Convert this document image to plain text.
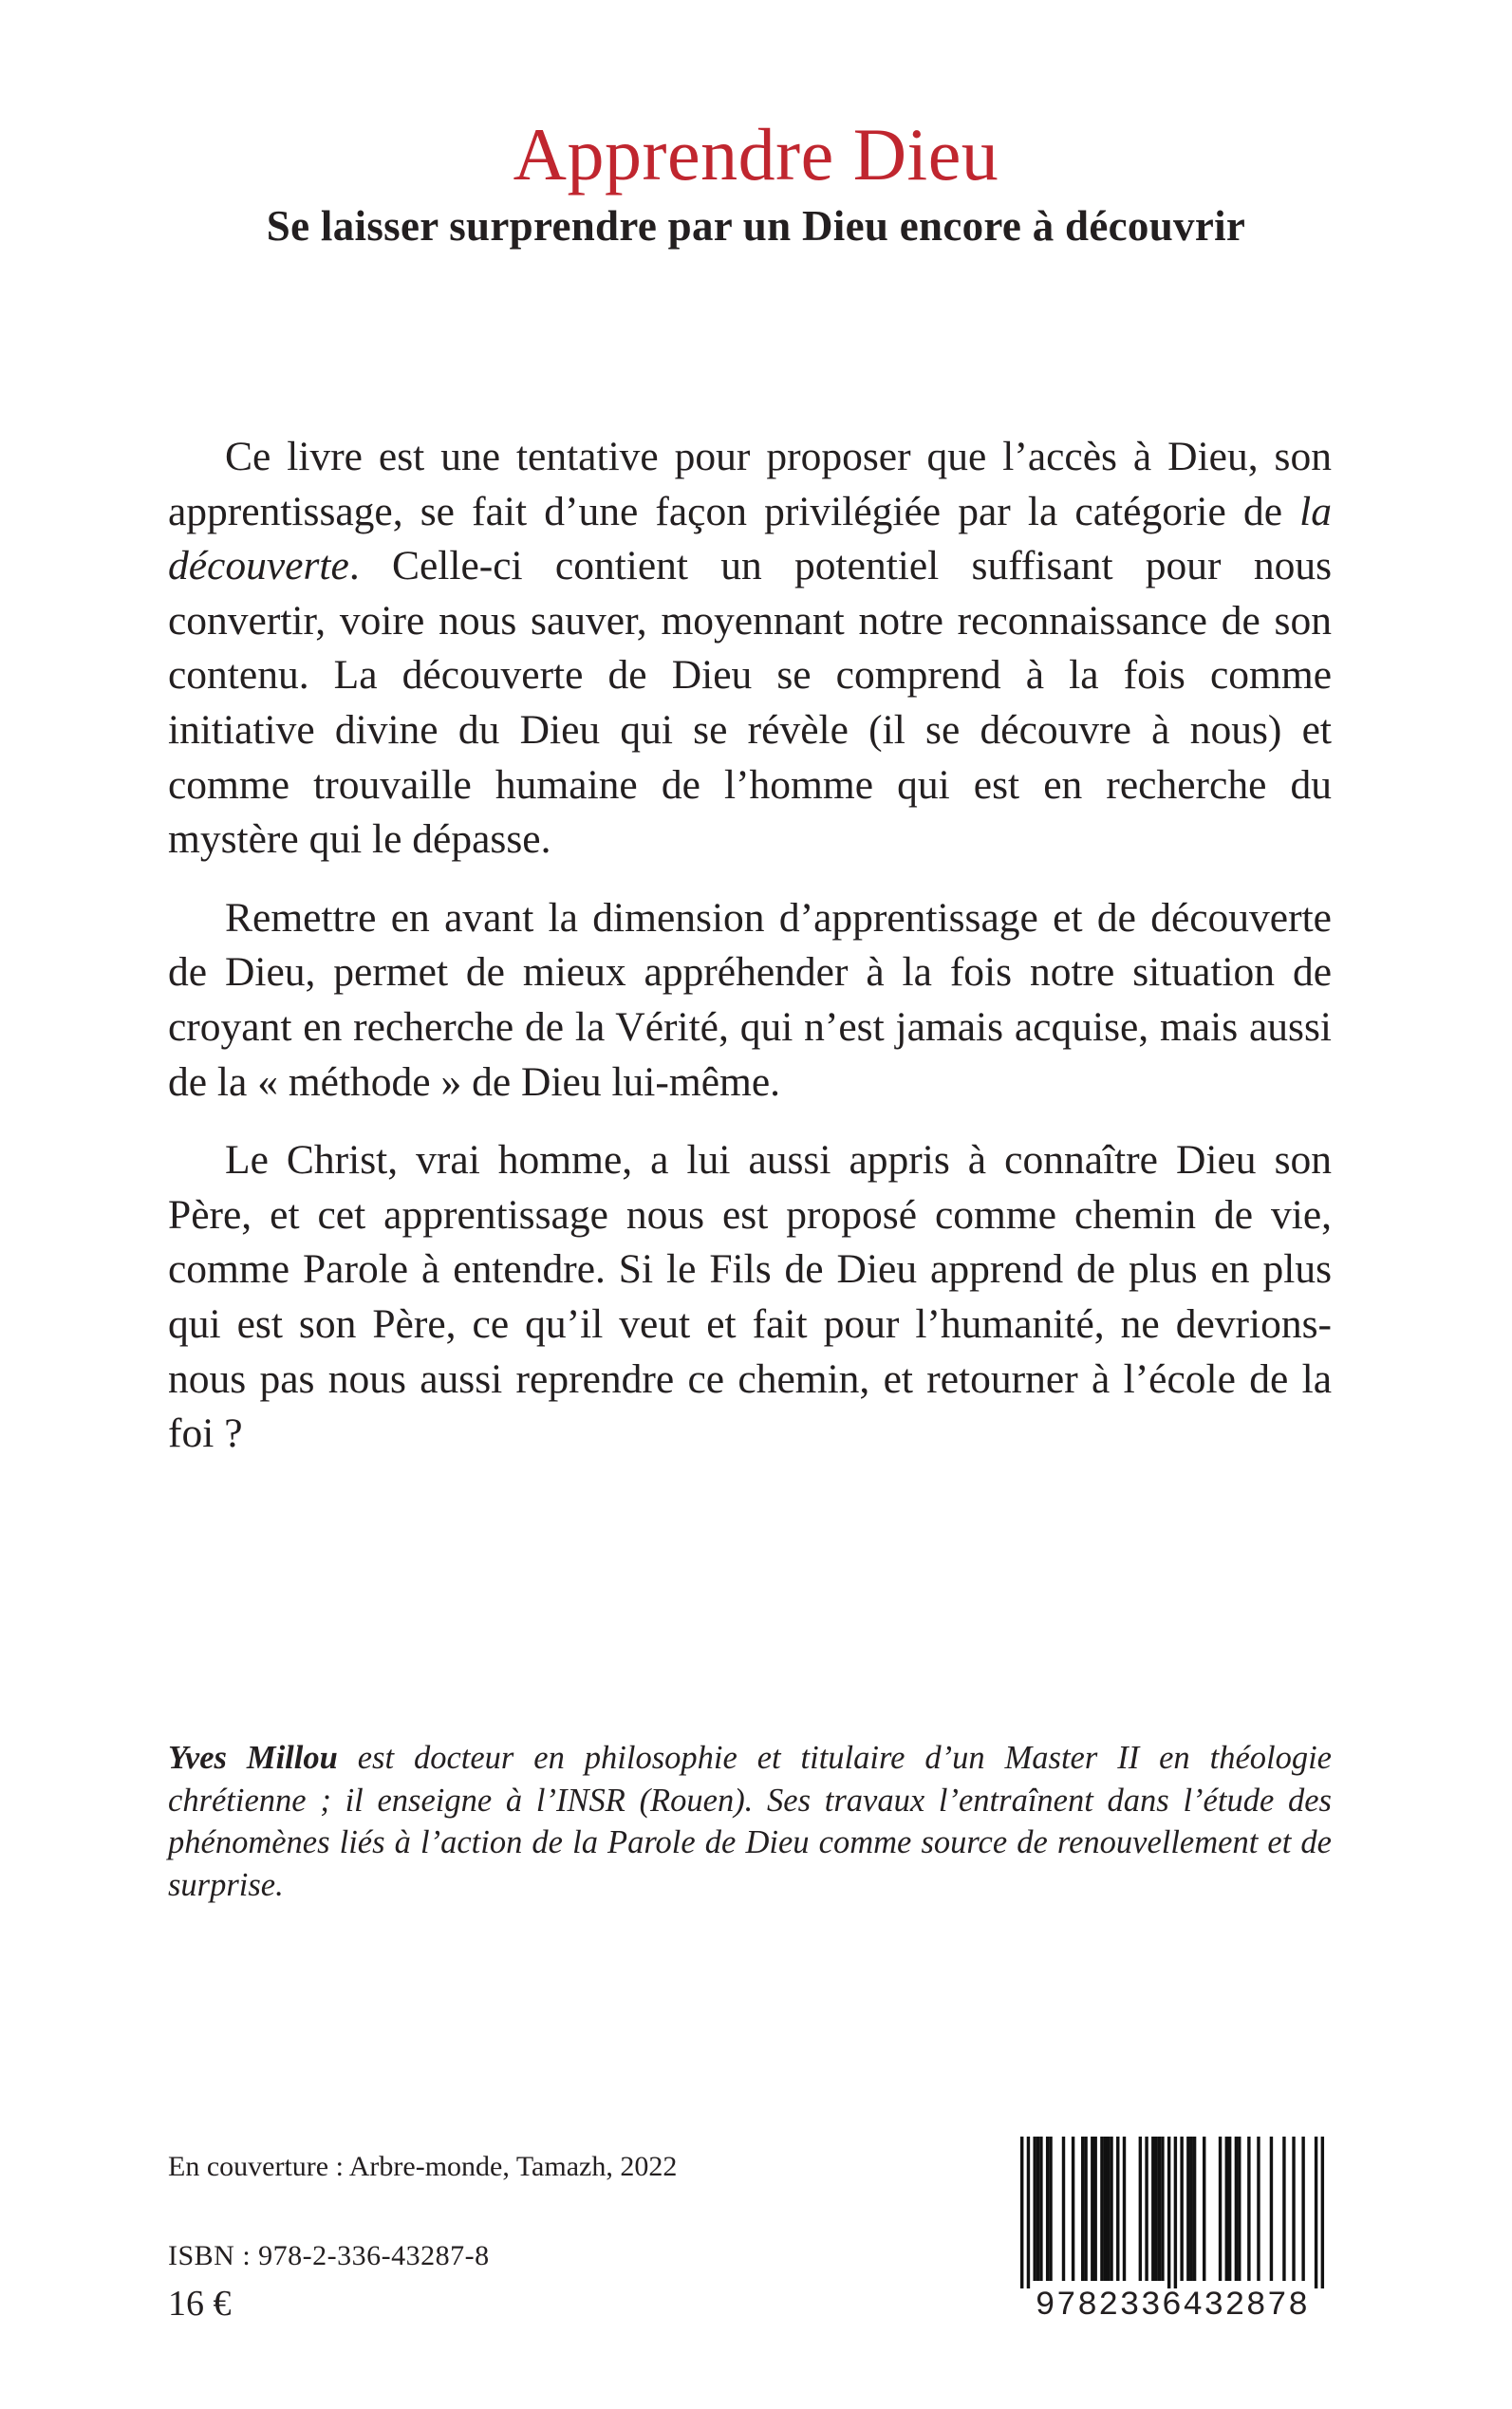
Apprendre Dieu
Se laisser surprendre par un Dieu encore à découvrir

Ce livre est une tentative pour proposer que l’accès à Dieu, son apprentissage, se fait d’une façon privilégiée par la catégorie de la découverte. Celle-ci contient un potentiel suffisant pour nous convertir, voire nous sauver, moyennant notre reconnaissance de son contenu. La découverte de Dieu se comprend à la fois comme initiative divine du Dieu qui se révèle (il se découvre à nous) et comme trouvaille humaine de l’homme qui est en recherche du mystère qui le dépasse.

Remettre en avant la dimension d’apprentissage et de découverte de Dieu, permet de mieux appréhender à la fois notre situation de croyant en recherche de la Vérité, qui n’est jamais acquise, mais aussi de la « méthode » de Dieu lui-même.

Le Christ, vrai homme, a lui aussi appris à connaître Dieu son Père, et cet apprentissage nous est proposé comme chemin de vie, comme Parole à entendre. Si le Fils de Dieu apprend de plus en plus qui est son Père, ce qu’il veut et fait pour l’humanité, ne devrions-nous pas nous aussi reprendre ce chemin, et retourner à l’école de la foi ?

Yves Millou est docteur en philosophie et titulaire d’un Master II en théologie chrétienne ; il enseigne à l’INSR (Rouen). Ses travaux l’entraînent dans l’étude des phénomènes liés à l’action de la Parole de Dieu comme source de renouvellement et de surprise.

En couverture : Arbre-monde, Tamazh, 2022

ISBN : 978-2-336-43287-8

16 €	9782336432878
